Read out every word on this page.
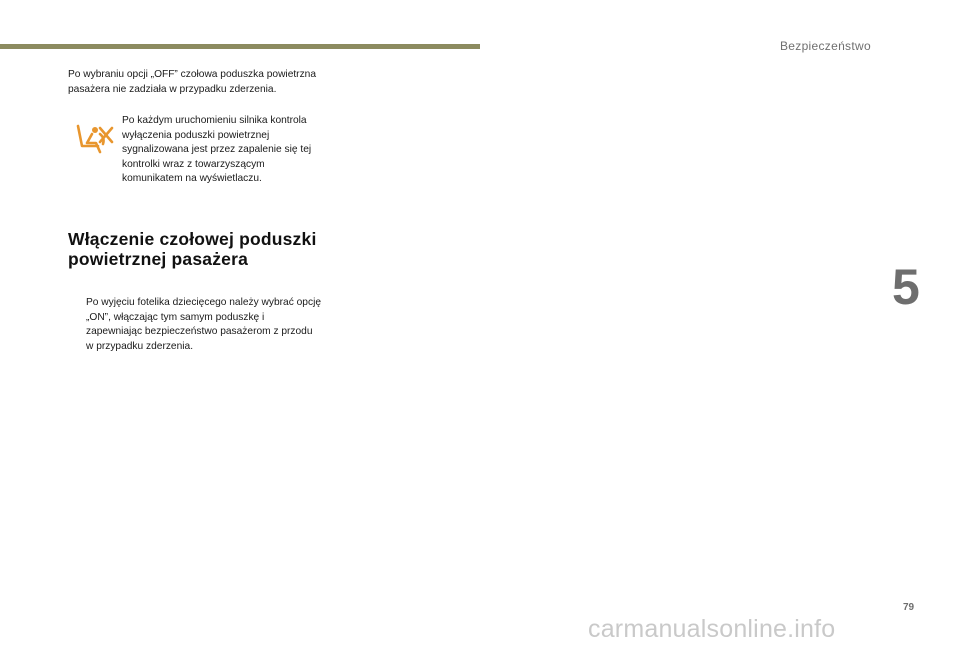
Bezpieczeństwo
5
Po wybraniu opcji „OFF” czołowa poduszka powietrzna pasażera nie zadziała w przypadku zderzenia.
Po każdym uruchomieniu silnika kontrola wyłączenia poduszki powietrznej sygnalizowana jest przez zapalenie się tej kontrolki wraz z towarzyszącym komunikatem na wyświetlaczu.
Włączenie czołowej poduszki powietrznej pasażera
Po wyjęciu fotelika dziecięcego należy wybrać opcję „ON”, włączając tym samym poduszkę i zapewniając bezpieczeństwo pasażerom z przodu w przypadku zderzenia.
79
carmanualsonline.info
